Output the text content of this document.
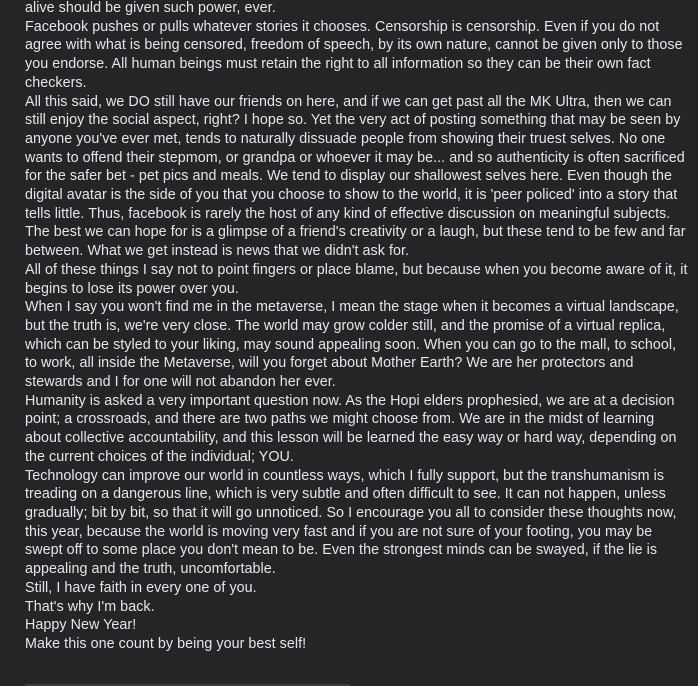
alive should be given such power, ever.

Facebook pushes or pulls whatever stories it chooses. Censorship is censorship. Even if you do not agree with what is being censored, freedom of speech, by its own nature, cannot be given only to those you endorse. All human beings must retain the right to all information so they can be their own fact checkers.

All this said, we DO still have our friends on here, and if we can get past all the MK Ultra, then we can still enjoy the social aspect, right? I hope so. Yet the very act of posting something that may be seen by anyone you've ever met, tends to naturally dissuade people from showing their truest selves. No one wants to offend their stepmom, or grandpa or whoever it may be... and so authenticity is often sacrificed for the safer bet - pet pics and meals. We tend to display our shallowest selves here. Even though the digital avatar is the side of you that you choose to show to the world, it is 'peer policed' into a story that tells little. Thus, facebook is rarely the host of any kind of effective discussion on meaningful subjects. The best we can hope for is a glimpse of a friend's creativity or a laugh, but these tend to be few and far between. What we get instead is news that we didn't ask for.

All of these things I say not to point fingers or place blame, but because when you become aware of it, it begins to lose its power over you.

When I say you won't find me in the metaverse, I mean the stage when it becomes a virtual landscape, but the truth is, we're very close. The world may grow colder still, and the promise of a virtual replica, which can be styled to your liking, may sound appealing soon. When you can go to the mall, to school, to work, all inside the Metaverse, will you forget about Mother Earth? We are her protectors and stewards and I for one will not abandon her ever.

Humanity is asked a very important question now. As the Hopi elders prophesied, we are at a decision point; a crossroads, and there are two paths we might choose from. We are in the midst of learning about collective accountability, and this lesson will be learned the easy way or hard way, depending on the current choices of the individual; YOU.

Technology can improve our world in countless ways, which I fully support, but the transhumanism is treading on a dangerous line, which is very subtle and often difficult to see. It can not happen, unless gradually; bit by bit, so that it will go unnoticed. So I encourage you all to consider these thoughts now, this year, because the world is moving very fast and if you are not sure of your footing, you may be swept off to some place you don't mean to be. Even the strongest minds can be swayed, if the lie is appealing and the truth, uncomfortable.

Still, I have faith in every one of you.

That's why I'm back.

Happy New Year!

Make this one count by being your best self!
